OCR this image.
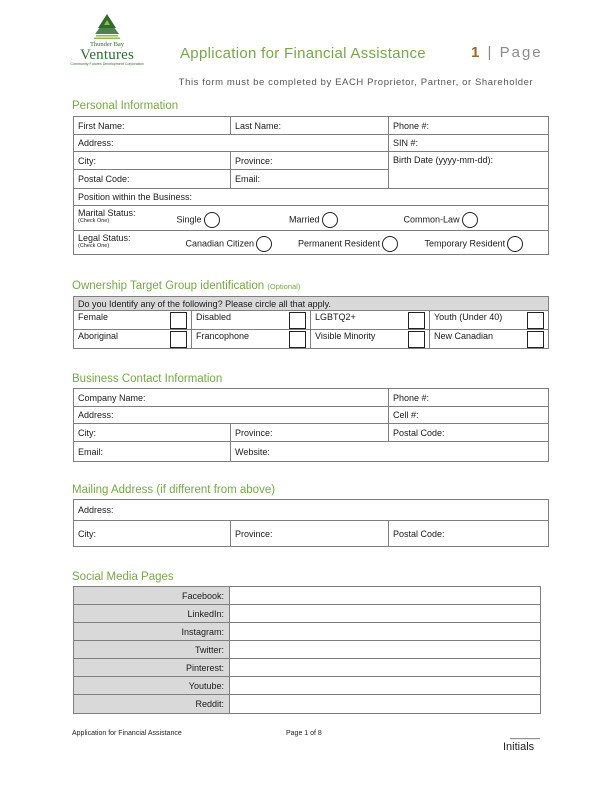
Thunder Bay
Ventures
Community Futures Development Corporation
Application for Financial Assistance	1 | Page
This form must be completed by EACH Proprietor, Partner, or Shareholder
Personal Information
First Name:	Last Name:	Phone #:
Address:		SIN #:
City:	Province:	Birth Date (yyyy-mm-dd):
Postal Code:	Email:	
Position within the Business:		
Marital Status:
(Check One) Single Married Common-Law		
Legal Status:
(Check One) Canadian Citizen Permanent Resident Temporary Resident		
Ownership Target Group identification (Optional)
Do you Identify any of the following? Please circle all that apply.			
Female	Disabled	LGBTQ2+	Youth (Under 40)

Aboriginal	Francophone	Visible Minority	New Canadian
Business Contact Information
Company Name:		Phone #:
Address:		Cell #:
City:	Province:	Postal Code:
Email:	Website:	
Mailing Address (if different from above)
Address:
City:	Province:	Postal Code:
Social Media Pages
Facebook:	
LinkedIn:	
Instagram:	
Twitter:	
Pinterest:	
Youtube:	
Reddit:	
Application for Financial Assistance	Page 1 of 8	______
Initials
